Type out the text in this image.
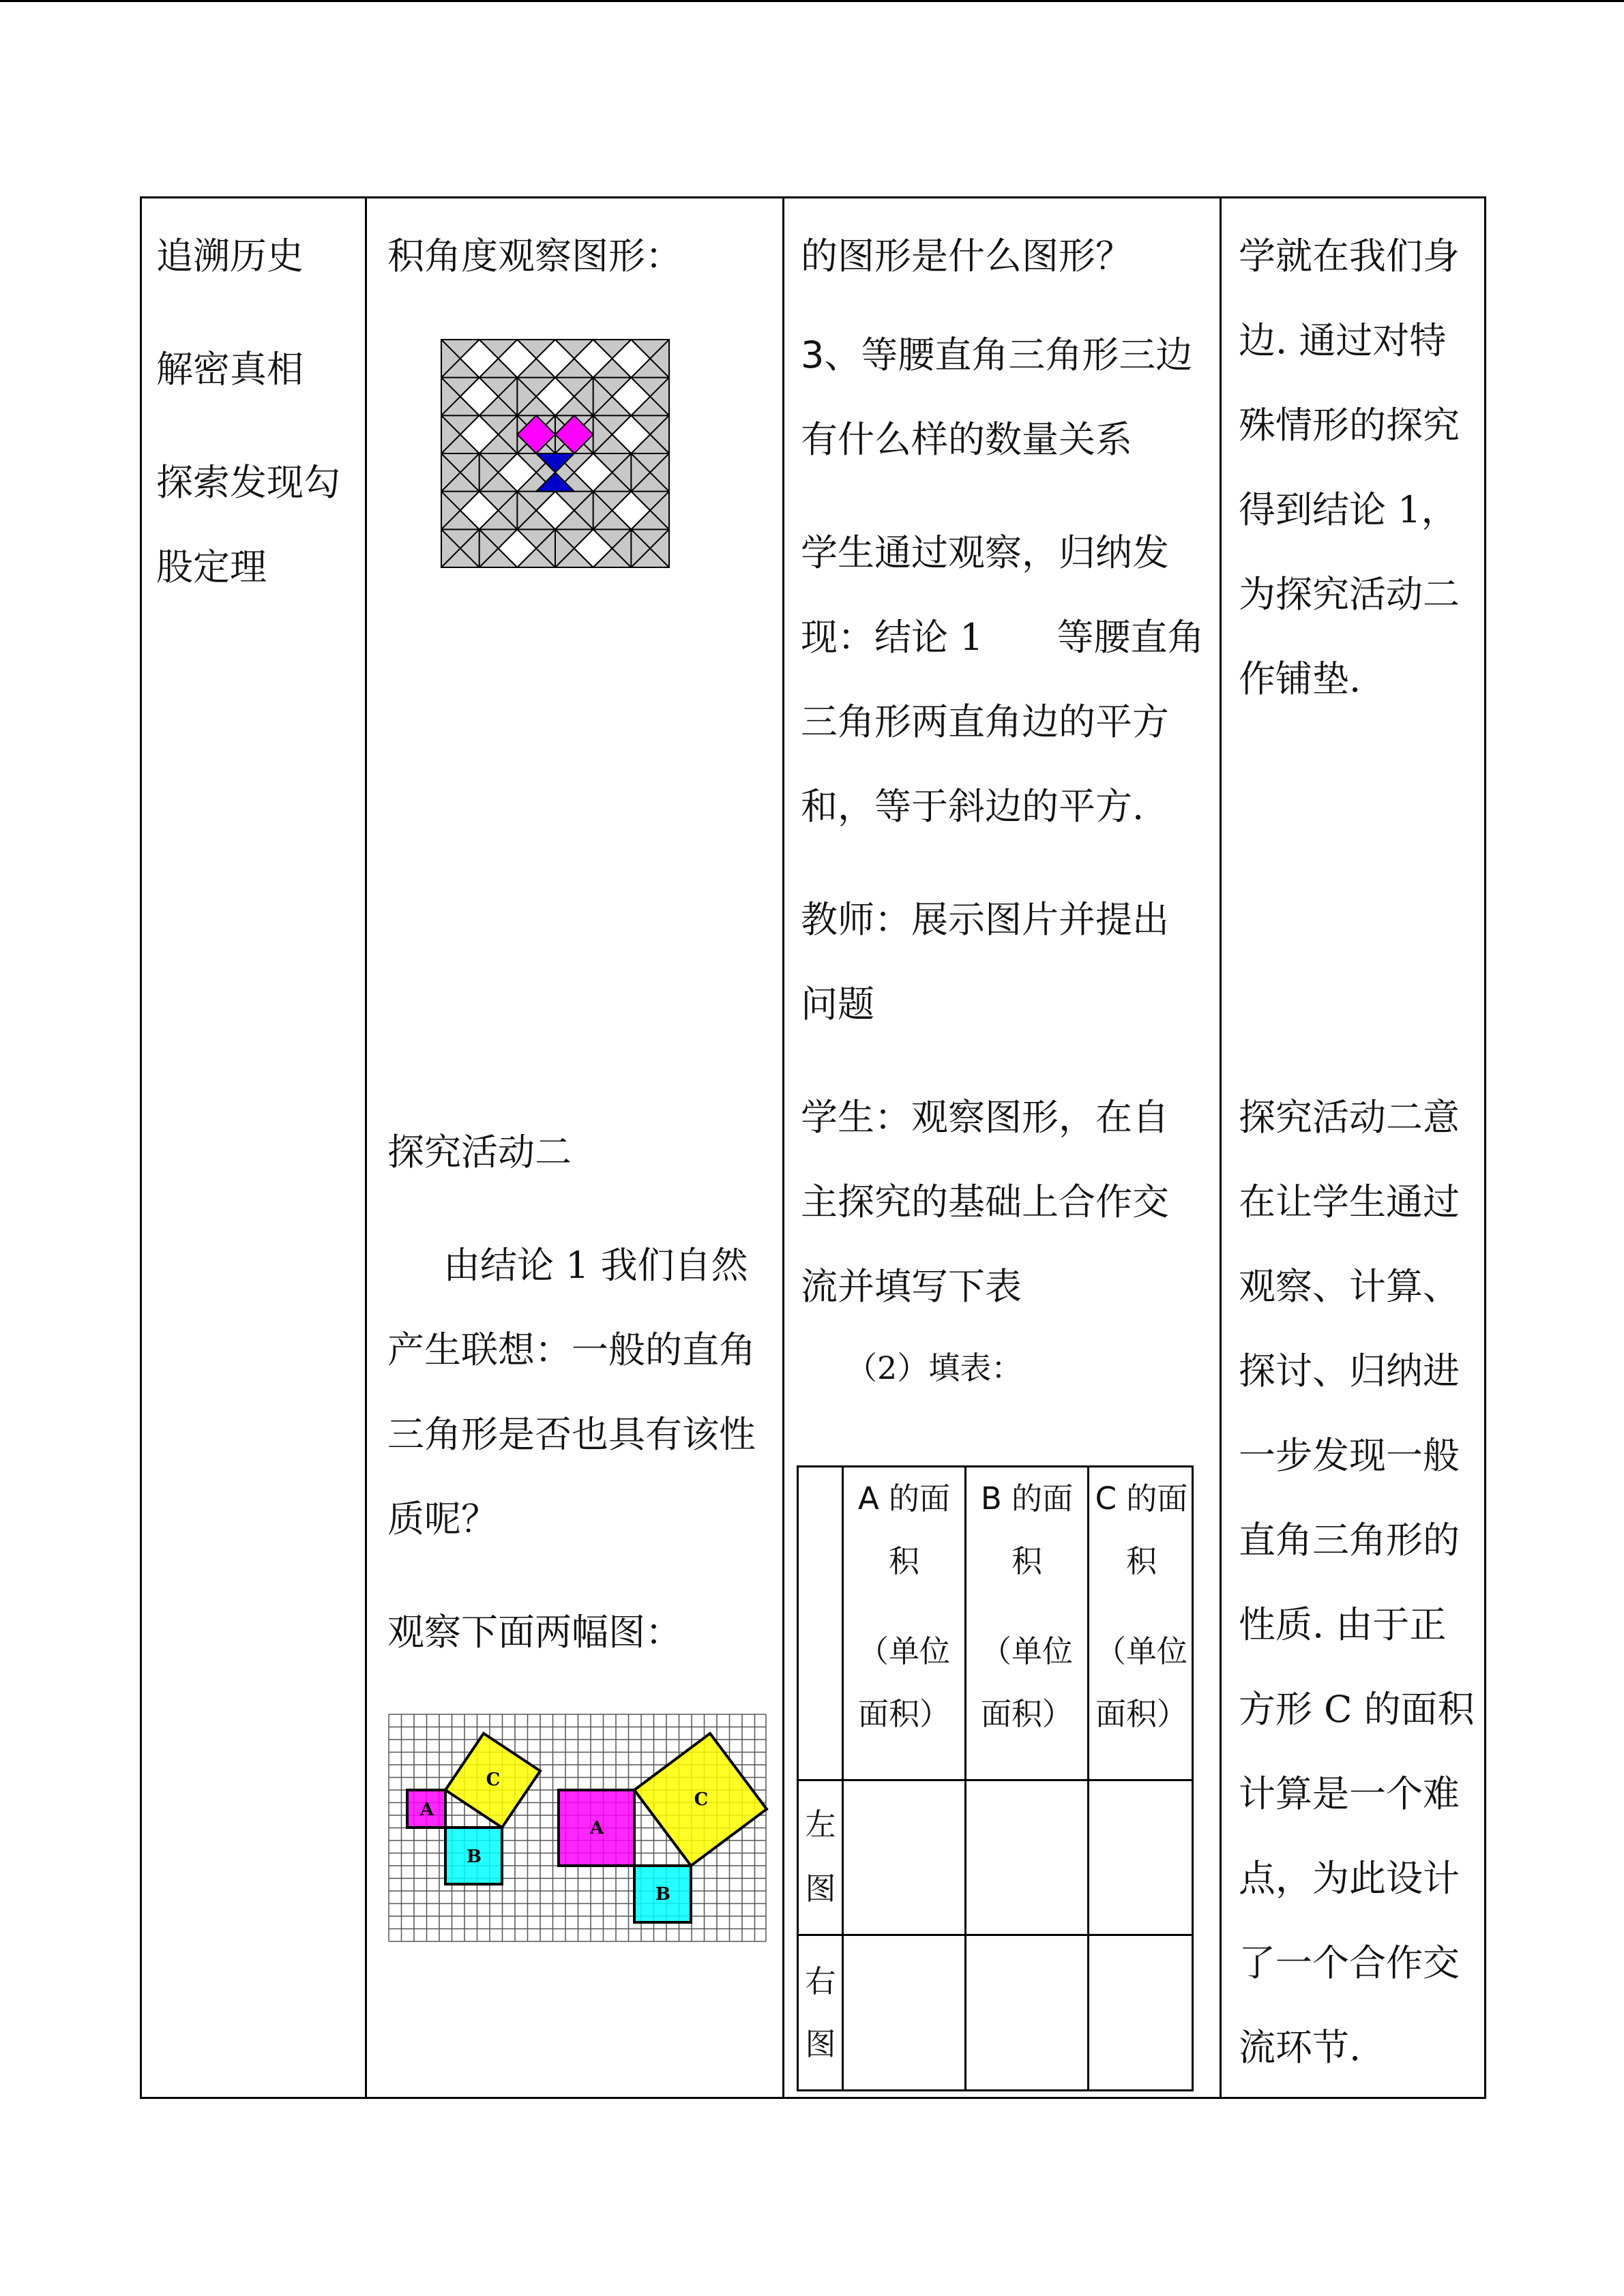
追溯历史
解密真相
探索发现勾
股定理
积角度观察图形：
探究活动二
由结论 1 我们自然
产生联想：一般的直角
三角形是否也具有该性
质呢？
观察下面两幅图：
A
B
C
A
B
C
的图形是什么图形？
3、等腰直角三角形三边
有什么样的数量关系
学生通过观察，归纳发
现：结论 1　　等腰直角
三角形两直角边的平方
和，等于斜边的平方.
教师：展示图片并提出
问题
学生：观察图形，在自
主探究的基础上合作交
流并填写下表
（2）填表：
A 的面
积
（单位
面积）
B 的面
积
（单位
面积）
C 的面
积
（单位
面积）
左
图
右
图
学就在我们身
边. 通过对特
殊情形的探究
得到结论 1，
为探究活动二
作铺垫.
探究活动二意
在让学生通过
观察、计算、
探讨、归纳进
一步发现一般
直角三角形的
性质. 由于正
方形 C 的面积
计算是一个难
点，为此设计
了一个合作交
流环节.
